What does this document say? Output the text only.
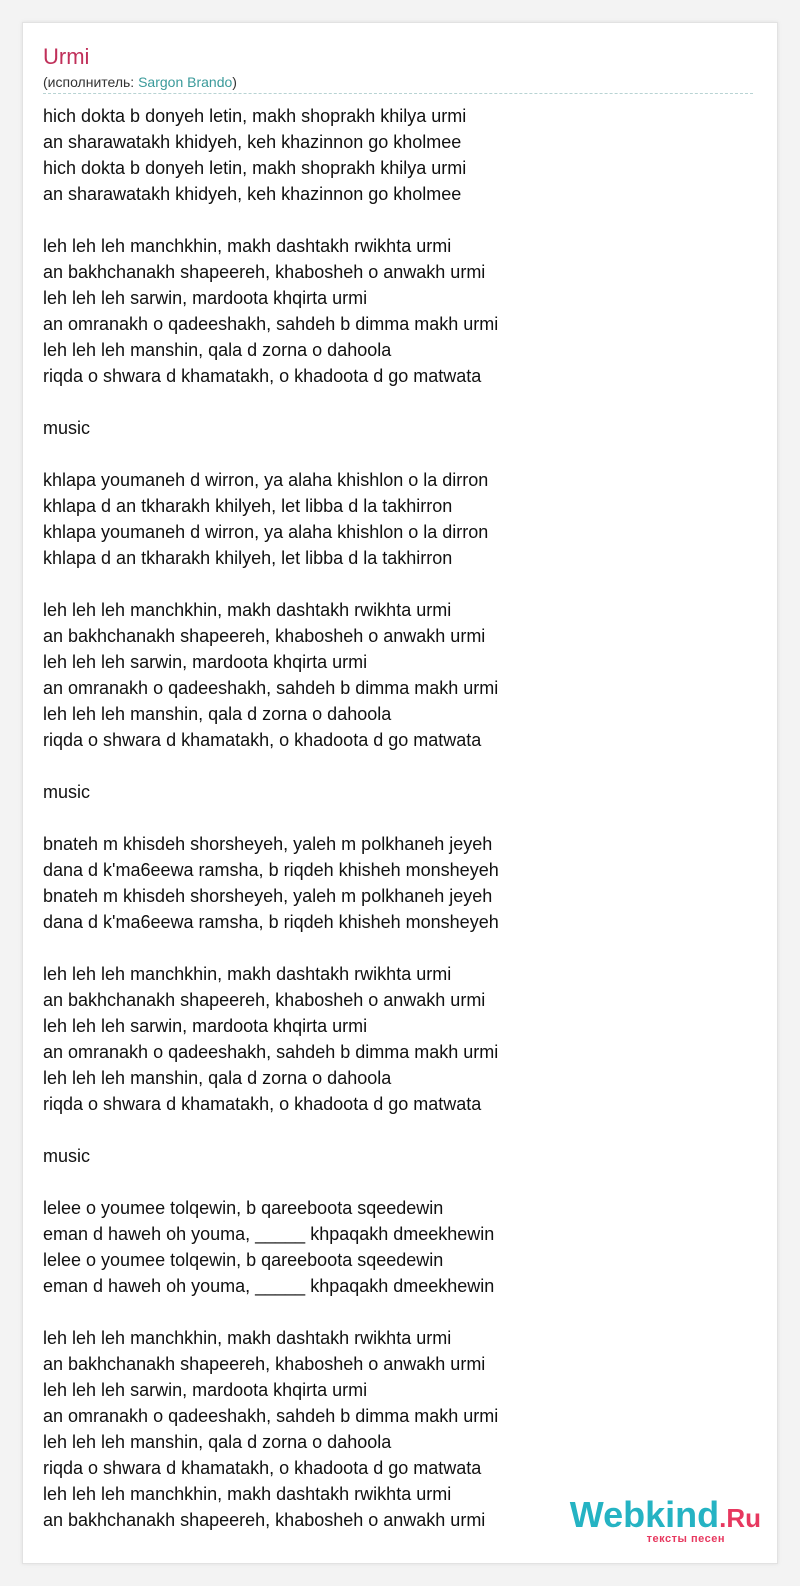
Urmi
(исполнитель: Sargon Brando)
hich dokta b donyeh letin, makh shoprakh khilya urmi
an sharawatakh khidyeh, keh khazinnon go kholmee
hich dokta b donyeh letin, makh shoprakh khilya urmi
an sharawatakh khidyeh, keh khazinnon go kholmee
leh leh leh manchkhin, makh dashtakh rwikhta urmi
an bakhchanakh shapeereh, khabosheh o anwakh urmi
leh leh leh sarwin, mardoota khqirta urmi
an omranakh o qadeeshakh, sahdeh b dimma makh urmi
leh leh leh manshin, qala d zorna o dahoola
riqda o shwara d khamatakh, o khadoota d go matwata
music
khlapa youmaneh d wirron, ya alaha khishlon o la dirron
khlapa d an tkharakh khilyeh, let libba d la takhirron
khlapa youmaneh d wirron, ya alaha khishlon o la dirron
khlapa d an tkharakh khilyeh, let libba d la takhirron
leh leh leh manchkhin, makh dashtakh rwikhta urmi
an bakhchanakh shapeereh, khabosheh o anwakh urmi
leh leh leh sarwin, mardoota khqirta urmi
an omranakh o qadeeshakh, sahdeh b dimma makh urmi
leh leh leh manshin, qala d zorna o dahoola
riqda o shwara d khamatakh, o khadoota d go matwata
music
bnateh m khisdeh shorsheyeh, yaleh m polkhaneh jeyeh
dana d k'ma6eewa ramsha, b riqdeh khisheh monsheyeh
bnateh m khisdeh shorsheyeh, yaleh m polkhaneh jeyeh
dana d k'ma6eewa ramsha, b riqdeh khisheh monsheyeh
leh leh leh manchkhin, makh dashtakh rwikhta urmi
an bakhchanakh shapeereh, khabosheh o anwakh urmi
leh leh leh sarwin, mardoota khqirta urmi
an omranakh o qadeeshakh, sahdeh b dimma makh urmi
leh leh leh manshin, qala d zorna o dahoola
riqda o shwara d khamatakh, o khadoota d go matwata
music
lelee o youmee tolqewin, b qareeboota sqeedewin
eman d haweh oh youma, _____ khpaqakh dmeekhewin
lelee o youmee tolqewin, b qareeboota sqeedewin
eman d haweh oh youma, _____ khpaqakh dmeekhewin
leh leh leh manchkhin, makh dashtakh rwikhta urmi
an bakhchanakh shapeereh, khabosheh o anwakh urmi
leh leh leh sarwin, mardoota khqirta urmi
an omranakh o qadeeshakh, sahdeh b dimma makh urmi
leh leh leh manshin, qala d zorna o dahoola
riqda o shwara d khamatakh, o khadoota d go matwata
leh leh leh manchkhin, makh dashtakh rwikhta urmi
an bakhchanakh shapeereh, khabosheh o anwakh urmi	Webkind.Ru
тексты песен
